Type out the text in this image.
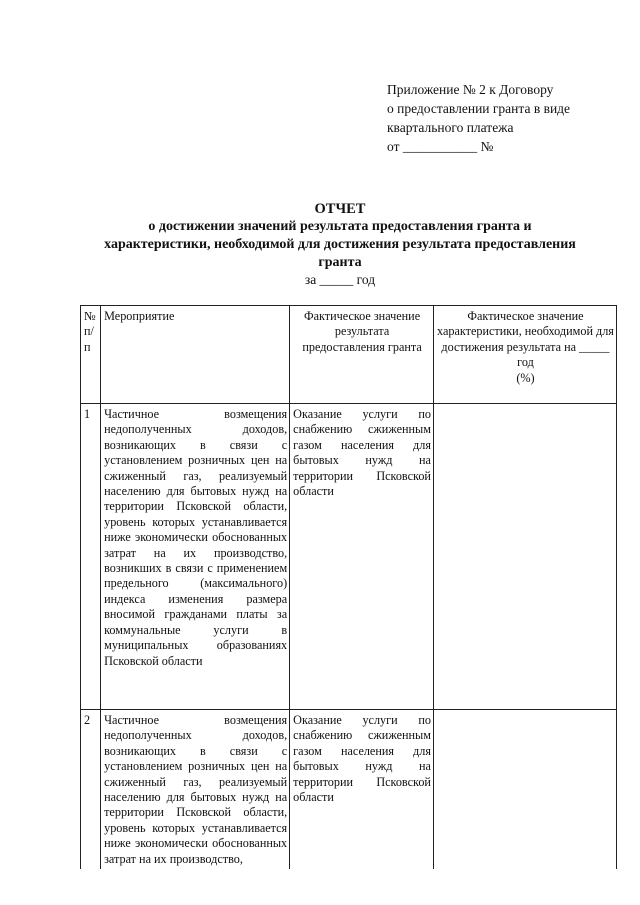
Приложение № 2 к Договору
о предоставлении гранта в виде
квартального платежа
от ___________ №
ОТЧЕТ
о достижении значений результата предоставления гранта и
характеристики, необходимой для достижения результата предоставления
гранта
за _____ год
№ п/п	Мероприятие	Фактическое значение результата предоставления гранта	Фактическое значение характеристики, необходимой для достижения результата на _____ год
(%)
1	Частичное возмещения недополученных доходов, возникающих в связи с установлением розничных цен на сжиженный газ, реализуемый населению для бытовых нужд на территории Псковской области, уровень которых устанавливается ниже экономически обоснованных затрат на их производство, возникших в связи с применением предельного (максимального) индекса изменения размера вносимой гражданами платы за коммунальные услуги в муниципальных образованиях Псковской области	Оказание услуги по снабжению сжиженным газом населения для бытовых нужд на территории Псковской области	
2	Частичное возмещения недополученных доходов, возникающих в связи с установлением розничных цен на сжиженный газ, реализуемый населению для бытовых нужд на территории Псковской области, уровень которых устанавливается ниже экономически обоснованных затрат на их производство,	Оказание услуги по снабжению сжиженным газом населения для бытовых нужд на территории Псковской области	
